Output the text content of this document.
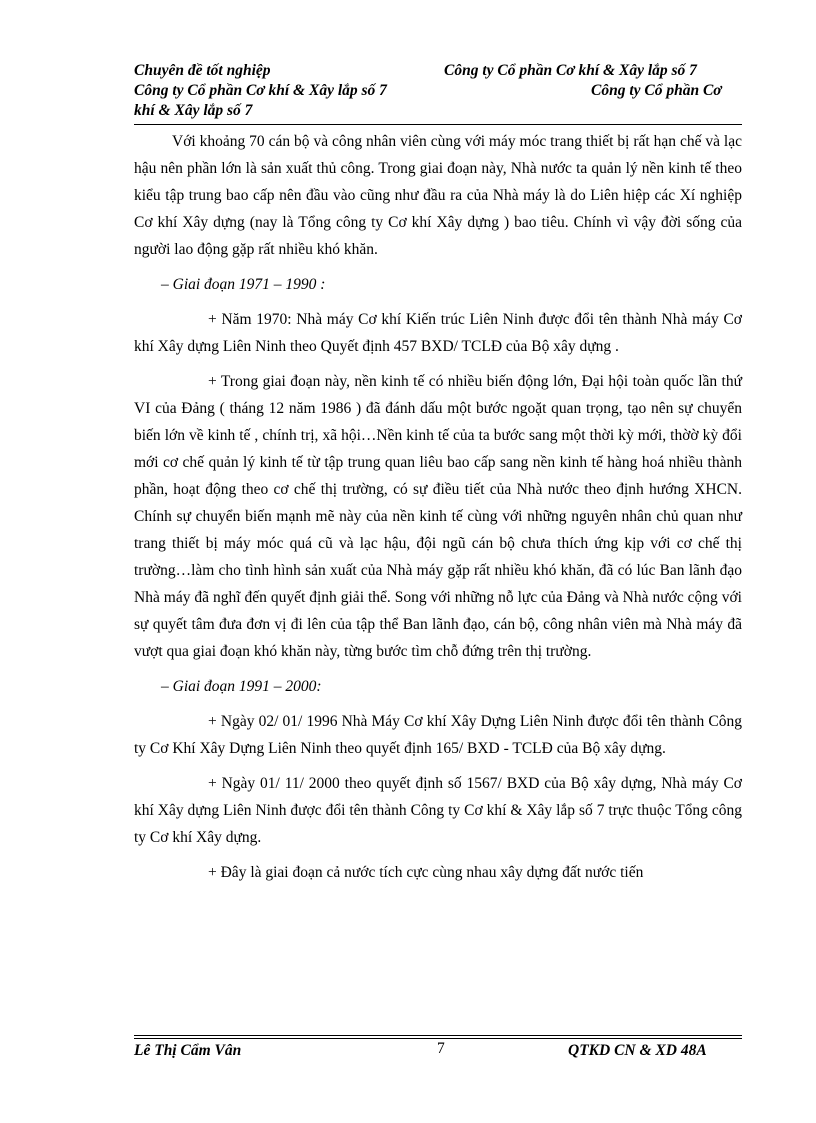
Chuyên đề tốt nghiệp	Công ty Cổ phần Cơ khí & Xây lắp số 7
Công ty Cổ phần Cơ khí & Xây lắp số 7	Công ty Cổ phần Cơ
khí & Xây lắp số 7

Với khoảng 70 cán bộ và công nhân viên cùng với máy móc trang thiết bị rất hạn chế và lạc hậu nên phần lớn là sản xuất thủ công. Trong giai đoạn này, Nhà nước ta quản lý nền kinh tế theo kiểu tập trung bao cấp nên đầu vào cũng như đầu ra của Nhà máy là do Liên hiệp các Xí nghiệp Cơ khí Xây dựng (nay là Tổng công ty Cơ khí Xây dựng ) bao tiêu. Chính vì vậy đời sống của người lao động gặp rất nhiều khó khăn.

– Giai đoạn 1971 – 1990 :

+ Năm 1970: Nhà máy Cơ khí Kiến trúc Liên Ninh được đổi tên thành Nhà máy Cơ khí Xây dựng Liên Ninh theo Quyết định 457 BXD/ TCLĐ của Bộ xây dựng .

+ Trong giai đoạn này, nền kinh tế có nhiều biến động lớn, Đại hội toàn quốc lần thứ VI của Đảng ( tháng 12 năm 1986 ) đã đánh dấu một bước ngoặt quan trọng, tạo nên sự chuyển biến lớn về kinh tế , chính trị, xã hội…Nền kinh tế của ta bước sang một thời kỳ mới, thờờ kỳ đổi mới cơ chế quản lý kinh tế từ tập trung quan liêu bao cấp sang nền kinh tế hàng hoá nhiều thành phần, hoạt động theo cơ chế thị trường, có sự điều tiết của Nhà nước theo định hướng XHCN. Chính sự chuyển biến mạnh mẽ này của nền kinh tế cùng với những nguyên nhân chủ quan như trang thiết bị máy móc quá cũ và lạc hậu, đội ngũ cán bộ chưa thích ứng kịp với cơ chế thị trường…làm cho tình hình sản xuất của Nhà máy gặp rất nhiều khó khăn, đã có lúc Ban lãnh đạo Nhà máy đã nghĩ đến quyết định giải thể. Song với những nỗ lực của Đảng và Nhà nước cộng với sự quyết tâm đưa đơn vị đi lên của tập thể Ban lãnh đạo, cán bộ, công nhân viên mà Nhà máy đã vượt qua giai đoạn khó khăn này, từng bước tìm chỗ đứng trên thị trường.

– Giai đoạn 1991 – 2000:

+ Ngày 02/ 01/ 1996 Nhà Máy Cơ khí Xây Dựng Liên Ninh được đổi tên thành Công ty Cơ Khí Xây Dựng Liên Ninh theo quyết định 165/ BXD - TCLĐ của Bộ xây dựng.

+ Ngày 01/ 11/ 2000 theo quyết định số 1567/ BXD của Bộ xây dựng, Nhà máy Cơ khí Xây dựng Liên Ninh được đổi tên thành Công ty Cơ khí & Xây lắp số 7 trực thuộc Tổng công ty Cơ khí Xây dựng.

+ Đây là giai đoạn cả nước tích cực cùng nhau xây dựng đất nước tiến

Lê Thị Cẩm Vân	7	QTKD CN & XD 48A
